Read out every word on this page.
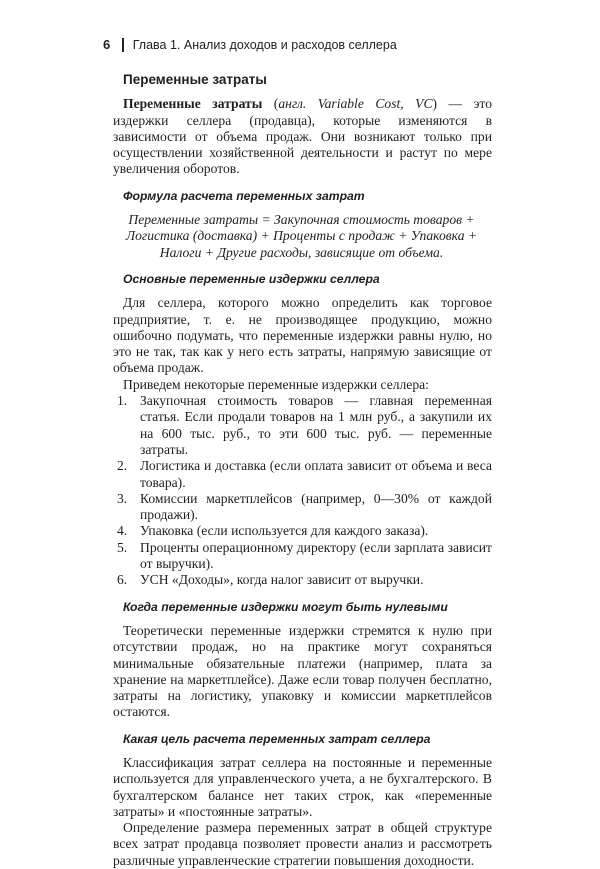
6 Глава 1. Анализ доходов и расходов селлера
Переменные затраты

Переменные затраты (англ. Variable Cost, VC) — это издержки селлера (продавца), которые изменяются в зависимости от объема продаж. Они возникают только при осуществлении хозяйственной деятельности и растут по мере увеличения оборотов.

Формула расчета переменных затрат
Переменные затраты = Закупочная стоимость товаров + Логистика (доставка) + Проценты с продаж + Упаковка + Налоги + Другие расходы, зависящие от объема.
Основные переменные издержки селлера

Для селлера, которого можно определить как торговое предприятие, т. е. не производящее продукцию, можно ошибочно подумать, что переменные издержки равны нулю, но это не так, так как у него есть затраты, напрямую зависящие от объема продаж.

Приведем некоторые переменные издержки селлера:

1. Закупочная стоимость товаров — главная переменная статья. Если продали товаров на 1 млн руб., а закупили их на 600 тыс. руб., то эти 600 тыс. руб. — переменные затраты.
2. Логистика и доставка (если оплата зависит от объема и веса товара).
3. Комиссии маркетплейсов (например, 0—30% от каждой продажи).
4. Упаковка (если используется для каждого заказа).
5. Проценты операционному директору (если зарплата зависит от выручки).
6. УСН «Доходы», когда налог зависит от выручки.
Когда переменные издержки могут быть нулевыми

Теоретически переменные издержки стремятся к нулю при отсутствии продаж, но на практике могут сохраняться минимальные обязательные платежи (например, плата за хранение на маркетплейсе). Даже если товар получен бесплатно, затраты на логистику, упаковку и комиссии маркетплейсов остаются.

Какая цель расчета переменных затрат селлера

Классификация затрат селлера на постоянные и переменные используется для управленческого учета, а не бухгалтерского. В бухгалтерском балансе нет таких строк, как «переменные затраты» и «постоянные затраты».

Определение размера переменных затрат в общей структуре всех затрат продавца позволяет провести анализ и рассмотреть различные управленческие стратегии повышения доходности.
